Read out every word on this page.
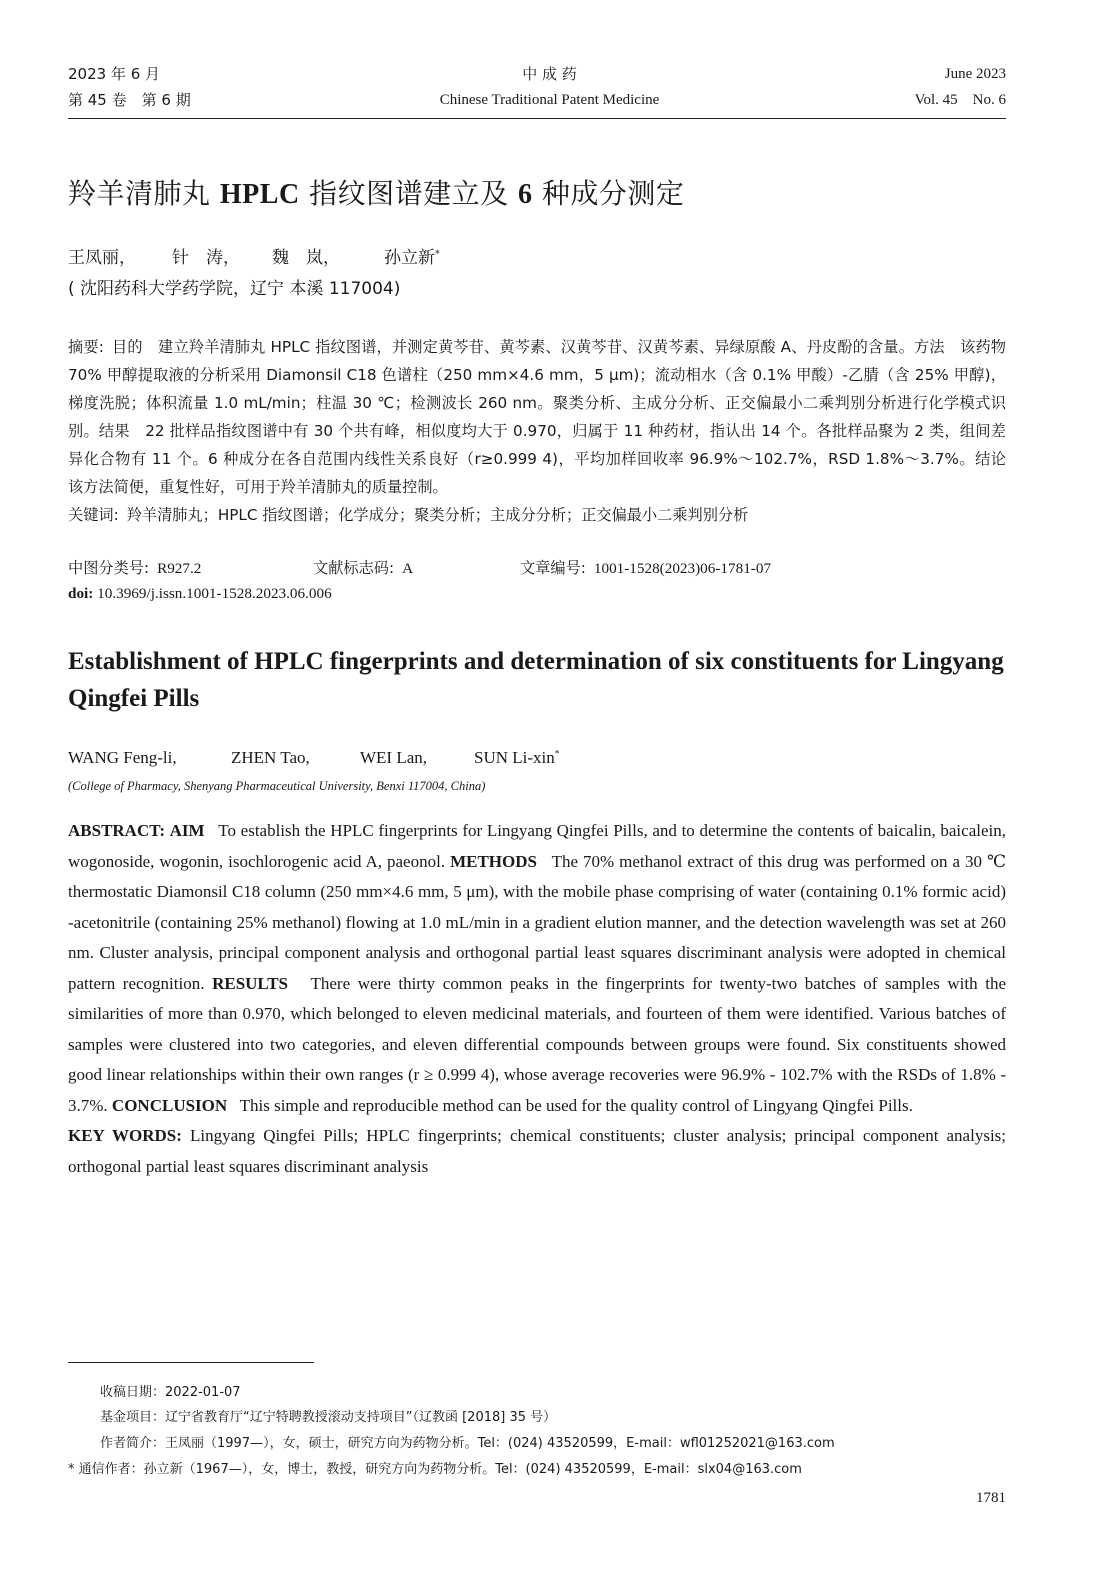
2023 年 6 月
第 45 卷　第 6 期
中 成 药
Chinese Traditional Patent Medicine
June 2023
Vol. 45　No. 6
羚羊清肺丸 HPLC 指纹图谱建立及 6 种成分测定
王凤丽， 针　涛， 魏　岚，	孙立新*
( 沈阳药科大学药学院，辽宁 本溪 117004)

摘要: 目的　建立羚羊清肺丸 HPLC 指纹图谱，并测定黄芩苷、黄芩素、汉黄芩苷、汉黄芩素、异绿原酸 A、丹皮酚的含量。方法　该药物 70% 甲醇提取液的分析采用 Diamonsil C18 色谱柱（250 mm×4.6 mm，5 μm)；流动相水（含 0.1% 甲酸）-乙腈（含 25% 甲醇)，梯度洗脱；体积流量 1.0 mL/min；柱温 30 ℃；检测波长 260 nm。聚类分析、主成分分析、正交偏最小二乘判别分析进行化学模式识别。结果　22 批样品指纹图谱中有 30 个共有峰，相似度均大于 0.970，归属于 11 种药材，指认出 14 个。各批样品聚为 2 类，组间差异化合物有 11 个。6 种成分在各自范围内线性关系良好（r≥0.999 4)，平均加样回收率 96.9%～102.7%，RSD 1.8%～3.7%。结论　该方法简便，重复性好，可用于羚羊清肺丸的质量控制。

关键词: 羚羊清肺丸；HPLC 指纹图谱；化学成分；聚类分析；主成分分析；正交偏最小二乘判别分析

中图分类号: R927.2	文献标志码: A	文章编号: 1001-1528(2023)06-1781-07
doi: 10.3969/j.issn.1001-1528.2023.06.006
Establishment of HPLC fingerprints and determination of six constituents for Lingyang Qingfei Pills
WANG Feng-li,	ZHEN Tao,	WEI Lan,	SUN Li-xin*
(College of Pharmacy, Shenyang Pharmaceutical University, Benxi 117004, China)

ABSTRACT: AIM To establish the HPLC fingerprints for Lingyang Qingfei Pills, and to determine the contents of baicalin, baicalein, wogonoside, wogonin, isochlorogenic acid A, paeonol. METHODS The 70% methanol extract of this drug was performed on a 30 ℃ thermostatic Diamonsil C18 column (250 mm×4.6 mm, 5 μm), with the mobile phase comprising of water (containing 0.1% formic acid) -acetonitrile (containing 25% methanol) flowing at 1.0 mL/min in a gradient elution manner, and the detection wavelength was set at 260 nm. Cluster analysis, principal component analysis and orthogonal partial least squares discriminant analysis were adopted in chemical pattern recognition. RESULTS There were thirty common peaks in the fingerprints for twenty-two batches of samples with the similarities of more than 0.970, which belonged to eleven medicinal materials, and fourteen of them were identified. Various batches of samples were clustered into two categories, and eleven differential compounds between groups were found. Six constituents showed good linear relationships within their own ranges (r ≥ 0.999 4), whose average recoveries were 96.9% - 102.7% with the RSDs of 1.8% - 3.7%. CONCLUSION This simple and reproducible method can be used for the quality control of Lingyang Qingfei Pills.

KEY WORDS: Lingyang Qingfei Pills; HPLC fingerprints; chemical constituents; cluster analysis; principal component analysis; orthogonal partial least squares discriminant analysis

收稿日期：2022-01-07
基金项目：辽宁省教育厅“辽宁特聘教授滚动支持项目”（辽教函 [2018] 35 号）
作者简介：王凤丽（1997—），女，硕士，研究方向为药物分析。Tel：(024) 43520599，E-mail：wfl01252021@163.com
* 通信作者：孙立新（1967—），女，博士，教授，研究方向为药物分析。Tel：(024) 43520599，E-mail：slx04@163.com
1781
